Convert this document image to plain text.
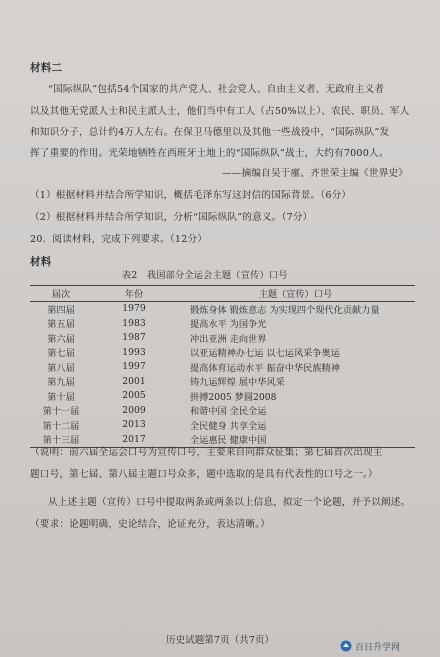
材料二
“国际纵队”包括54个国家的共产党人、社会党人、自由主义者、无政府主义者
以及其他无党派人士和民主派人士，他们当中有工人（占50%以上）、农民、职员、军人
和知识分子，总计约4万人左右。在保卫马德里以及其他一些战役中，“国际纵队”发
挥了重要的作用。光荣地牺牲在西班牙土地上的“国际纵队”战士，大约有7000人。
——摘编自吴于廑、齐世荣主编《世界史》
（1）根据材料并结合所学知识，概括毛泽东写这封信的国际背景。（6分）
（2）根据材料并结合所学知识，分析“国际纵队”的意义。（7分）
20．阅读材料，完成下列要求。（12分）
材料
表2　我国部分全运会主题（宣传）口号
届次	年份	主题（宣传）口号
第四届	1979	锻炼身体 锻炼意志 为实现四个现代化贡献力量
第五届	1983	提高水平 为国争光
第六届	1987	冲出亚洲 走向世界
第七届	1993	以亚运精神办七运 以七运风采争奥运
第八届	1997	提高体育运动水平 振奋中华民族精神
第九届	2001	铸九运辉煌 展中华风采
第十届	2005	拼搏2005 梦圆2008
第十一届	2009	和谐中国 全民全运
第十二届	2013	全民健身 共享全运
第十三届	2017	全运惠民 健康中国
（说明：前六届全运会口号为宣传口号，主要来自向群众征集；第七届首次出现主
题口号，第七届、第八届主题口号众多，题中选取的是具有代表性的口号之一。）
从上述主题（宣传）口号中提取两条或两条以上信息，拟定一个论题，并予以阐述。
（要求：论题明确，史论结合，论证充分，表达清晰。）
历史试题第7页（共7页）
百日升学网
